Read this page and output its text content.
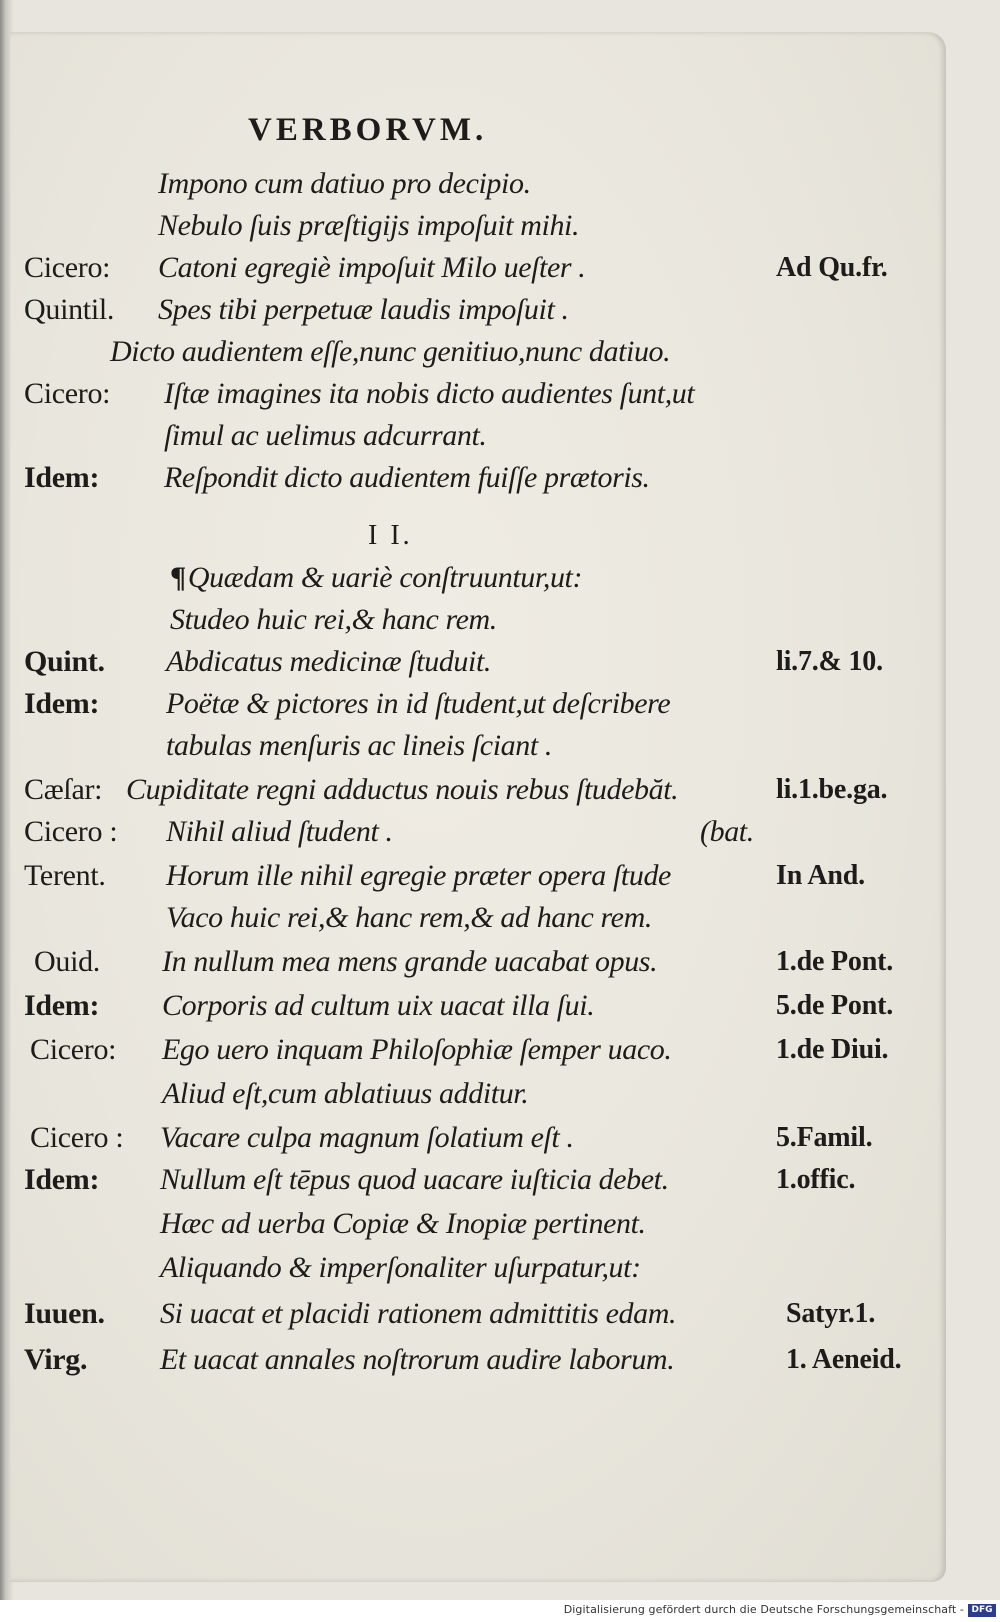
VERBORVM.
Impono cum datiuo pro decipio.
Nebulo ſuis præſtigijs impoſuit mihi.
Cicero: Catoni egregiè impoſuit Milo ueſter .	Ad Qu.fr.
Quintil. Spes tibi perpetuæ laudis impoſuit .
Dicto audientem eſſe,nunc genitiuo,nunc datiuo.
Cicero: Iſtæ imagines ita nobis dicto audientes ſunt,ut
ſimul ac uelimus adcurrant.
Idem: Reſpondit dicto audientem fuiſſe prætoris.
I I.
¶Quædam & uariè conſtruuntur,ut:
Studeo huic rei,& hanc rem.
Quint. Abdicatus medicinæ ſtuduit.	li.7.& 10.
Idem: Poëtæ & pictores in id ſtudent,ut deſcribere
tabulas menſuris ac lineis ſciant .
Cæſar: Cupiditate regni adductus nouis rebus ſtudebăt.	li.1.be.ga.
Cicero : Nihil aliud ſtudent .	(bat.
Terent. Horum ille nihil egregie præter opera ſtude	In And.
Vaco huic rei,& hanc rem,& ad hanc rem.
Ouid. In nullum mea mens grande uacabat opus.	1.de Pont.
Idem: Corporis ad cultum uix uacat illa ſui.	5.de Pont.
Cicero: Ego uero inquam Philoſophiæ ſemper uaco.	1.de Diui.
Aliud eſt,cum ablatiuus additur.
Cicero : Vacare culpa magnum ſolatium eſt .	5.Famil.
Idem: Nullum eſt tēpus quod uacare iuſticia debet.	1.offic.
Hæc ad uerba Copiæ & Inopiæ pertinent.
Aliquando & imperſonaliter uſurpatur,ut:
Iuuen. Si uacat et placidi rationem admittitis edam.	Satyr.1.
Virg. Et uacat annales noſtrorum audire laborum.	1. Aeneid.
Digitalisierung gefördert durch die Deutsche Forschungsgemeinschaft - DFG
